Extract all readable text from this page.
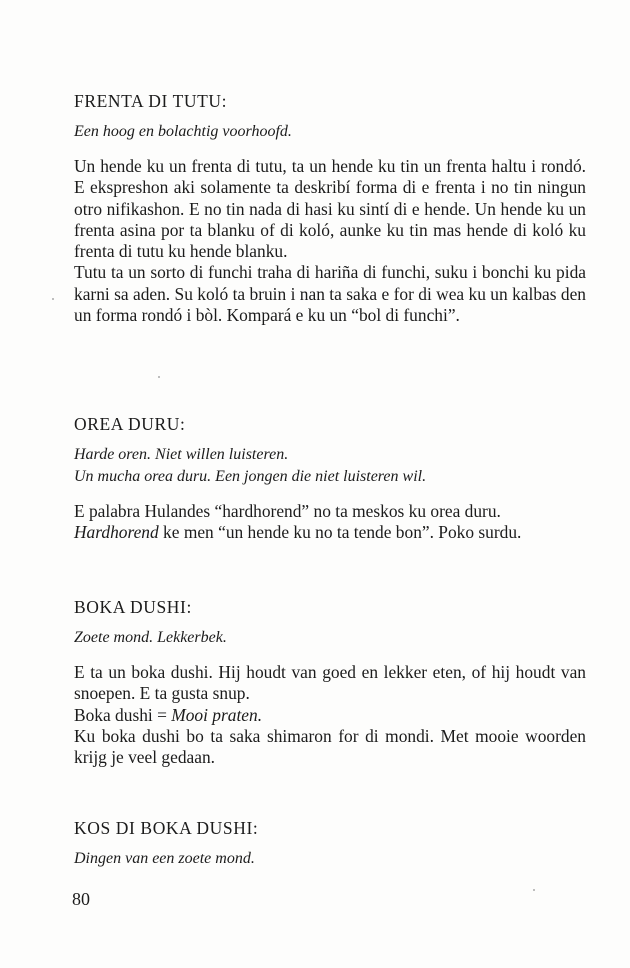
FRENTA DI TUTU:

Een hoog en bolachtig voorhoofd.

Un hende ku un frenta di tutu, ta un hende ku tin un frenta haltu i rondó. E ekspreshon aki solamente ta deskribí forma di e frenta i no tin ningun otro nifikashon. E no tin nada di hasi ku sintí di e hende. Un hende ku un frenta asina por ta blanku of di koló, aunke ku tin mas hende di koló ku frenta di tutu ku hende blanku.

Tutu ta un sorto di funchi traha di hariña di funchi, suku i bonchi ku pida karni sa aden. Su koló ta bruin i nan ta saka e for di wea ku un kalbas den un forma rondó i bòl. Kompará e ku un “bol di funchi”.

OREA DURU:

Harde oren. Niet willen luisteren.

Un mucha orea duru. Een jongen die niet luisteren wil.

E palabra Hulandes “hardhorend” no ta meskos ku orea duru.

Hardhorend ke men “un hende ku no ta tende bon”. Poko surdu.

BOKA DUSHI:

Zoete mond. Lekkerbek.

E ta un boka dushi. Hij houdt van goed en lekker eten, of hij houdt van snoepen. E ta gusta snup.

Boka dushi = Mooi praten.

Ku boka dushi bo ta saka shimaron for di mondi. Met mooie woorden krijg je veel gedaan.

KOS DI BOKA DUSHI:

Dingen van een zoete mond.

80
